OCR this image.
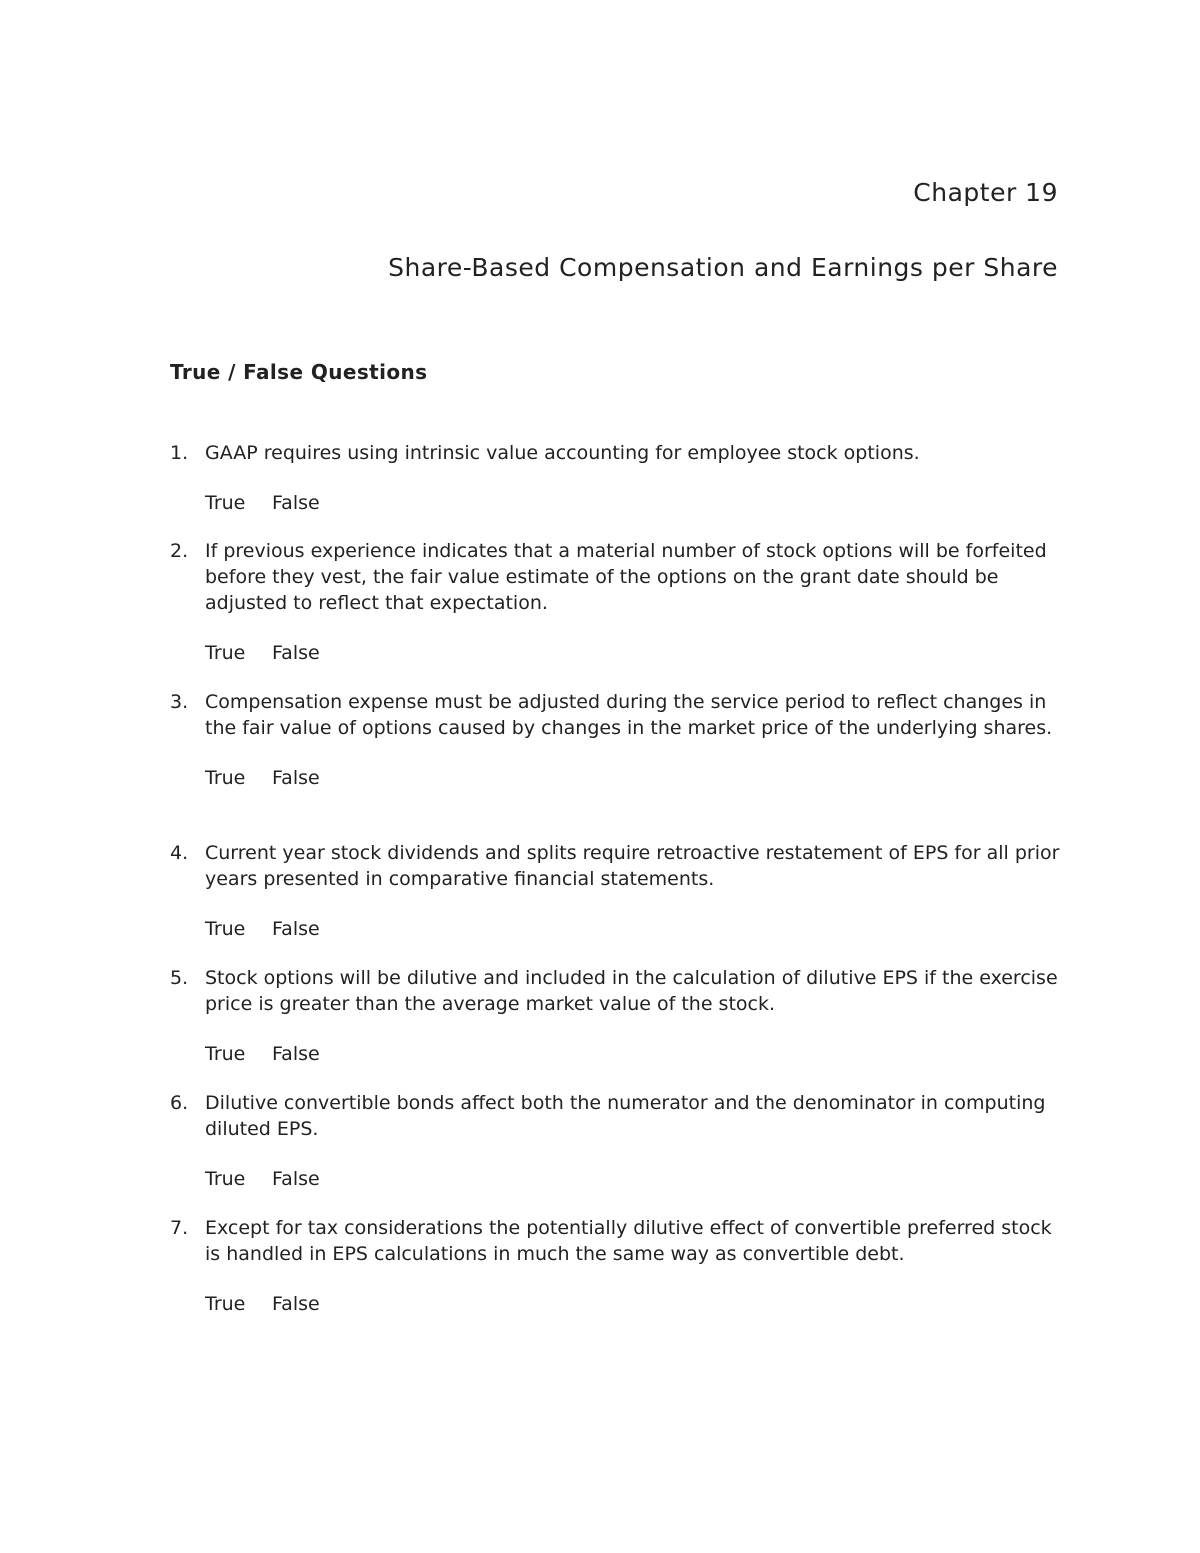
Chapter 19
Share-Based Compensation and Earnings per Share
True / False Questions
1. GAAP requires using intrinsic value accounting for employee stock options.

True False
2. If previous experience indicates that a material number of stock options will be forfeited before they vest, the fair value estimate of the options on the grant date should be adjusted to reflect that expectation.

True False
3. Compensation expense must be adjusted during the service period to reflect changes in the fair value of options caused by changes in the market price of the underlying shares.

True False
4. Current year stock dividends and splits require retroactive restatement of EPS for all prior years presented in comparative financial statements.

True False
5. Stock options will be dilutive and included in the calculation of dilutive EPS if the exercise price is greater than the average market value of the stock.

True False
6. Dilutive convertible bonds affect both the numerator and the denominator in computing diluted EPS.

True False
7. Except for tax considerations the potentially dilutive effect of convertible preferred stock is handled in EPS calculations in much the same way as convertible debt.

True False
